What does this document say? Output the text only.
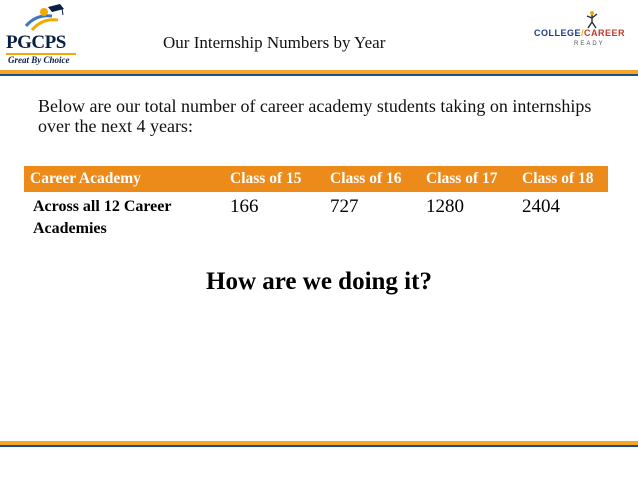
PGCPS
Great By Choice
Our Internship Numbers by Year	COLLEGE/CAREER
READY
Below are our total number of career academy students taking on internships over the next 4 years:
Career Academy	Class of 15	Class of 16	Class of 17	Class of 18
Across all 12 Career Academies	166	727	1280	2404
How are we doing it?
